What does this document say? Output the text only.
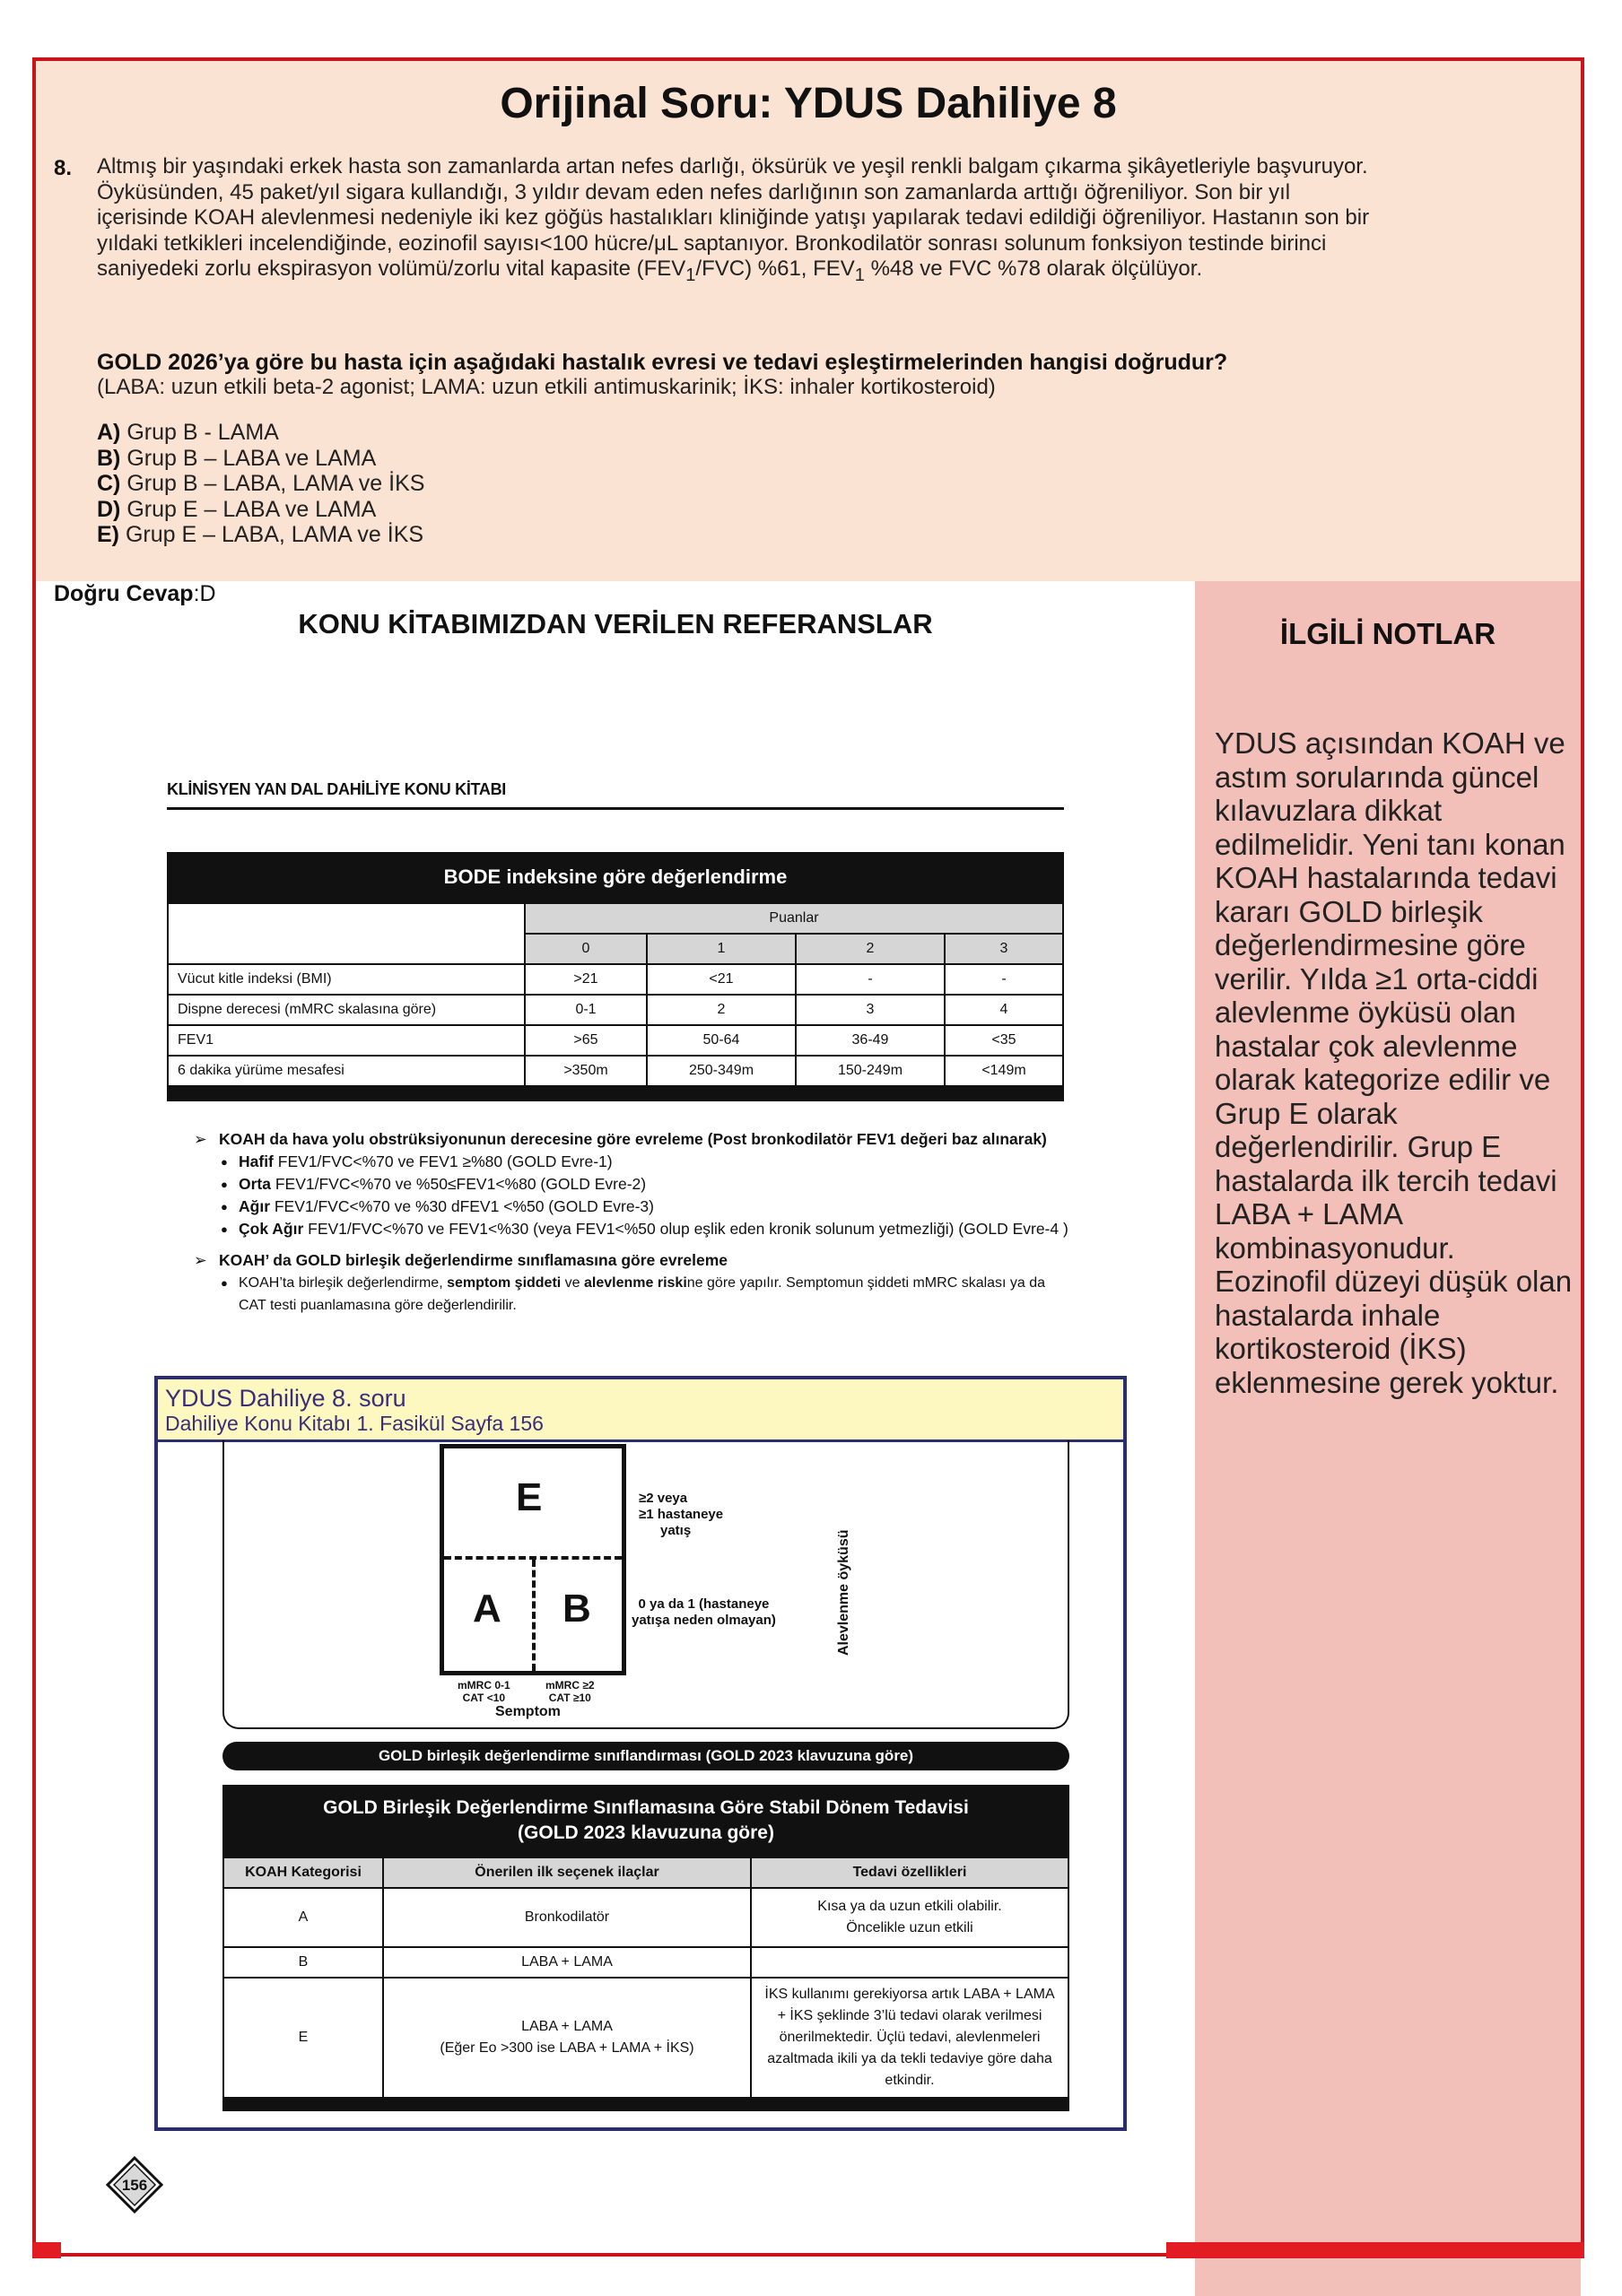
Orijinal Soru: YDUS Dahiliye 8
8. Altmış bir yaşındaki erkek hasta son zamanlarda artan nefes darlığı, öksürük ve yeşil renkli balgam çıkarma şikâyetleriyle başvuruyor.
Öyküsünden, 45 paket/yıl sigara kullandığı, 3 yıldır devam eden nefes darlığının son zamanlarda arttığı öğreniliyor. Son bir yıl
içerisinde KOAH alevlenmesi nedeniyle iki kez göğüs hastalıkları kliniğinde yatışı yapılarak tedavi edildiği öğreniliyor. Hastanın son bir
yıldaki tetkikleri incelendiğinde, eozinofil sayısı<100 hücre/μL saptanıyor. Bronkodilatör sonrası solunum fonksiyon testinde birinci
saniyedeki zorlu ekspirasyon volümü/zorlu vital kapasite $(FEV_1/FVC)$ %61, $FEV_1$ %48 ve FVC %78 olarak ölçülüyor.
GOLD 2026’ya göre bu hasta için aşağıdaki hastalık evresi ve tedavi eşleştirmelerinden hangisi doğrudur?
(LABA: uzun etkili beta-2 agonist; LAMA: uzun etkili antimuskarinik; İKS: inhaler kortikosteroid)
A) Grup B - LAMA
B) Grup B – LABA ve LAMA
C) Grup B – LABA, LAMA ve İKS
D) Grup E – LABA ve LAMA
E) Grup E – LABA, LAMA ve İKS
Doğru Cevap:D
KONU KİTABIMIZDAN VERİLEN REFERANSLAR
KLİNİSYEN YAN DAL DAHİLİYE KONU KİTABI
BODE indeksine göre değerlendirme
	Puanlar			
	0	1	2	3
Vücut kitle indeksi (BMI)	>21	<21	-	-
Dispne derecesi (mMRC skalasına göre)	0-1	2	3	4
FEV1	>65	50-64	36-49	<35
6 dakika yürüme mesafesi	>350m	250-349m	150-249m	<149m
➢ KOAH da hava yolu obstrüksiyonunun derecesine göre evreleme (Post bronkodilatör FEV1 değeri baz alınarak)
● Hafif FEV1/FVC<%70 ve FEV1 ≥%80 (GOLD Evre-1)
● Orta FEV1/FVC<%70 ve %50≤FEV1<%80 (GOLD Evre-2)
● Ağır FEV1/FVC<%70 ve %30 dFEV1 <%50 (GOLD Evre-3)
● Çok Ağır FEV1/FVC<%70 ve FEV1<%30 (veya FEV1<%50 olup eşlik eden kronik solunum yetmezliği) (GOLD Evre-4 )
➢ KOAH’ da GOLD birleşik değerlendirme sınıflamasına göre evreleme
● KOAH’ta birleşik değerlendirme, semptom şiddeti ve alevlenme riskine göre yapılır. Semptomun şiddeti mMRC skalası ya da CAT testi puanlamasına göre değerlendirilir.
YDUS Dahiliye 8. soru
Dahiliye Konu Kitabı 1. Fasikül Sayfa 156
E
A B
≥2 veya
≥1 hastaneye
yatış
0 ya da 1 (hastaneye
yatışa neden olmayan)	Alevlenme öyküsü
mMRC 0-1
CAT <10
mMRC ≥2
CAT ≥10
Semptom
GOLD birleşik değerlendirme sınıflandırması (GOLD 2023 klavuzuna göre)
GOLD Birleşik Değerlendirme Sınıflamasına Göre Stabil Dönem Tedavisi
(GOLD 2023 klavuzuna göre)
KOAH Kategorisi	Önerilen ilk seçenek ilaçlar	Tedavi özellikleri
A	Bronkodilatör	Kısa ya da uzun etkili olabilir. Öncelikle uzun etkili
B	LABA + LAMA	
E	LABA + LAMA
(Eğer Eo >300 ise LABA + LAMA + İKS)	İKS kullanımı gerekiyorsa artık LABA + LAMA + İKS şeklinde 3’lü tedavi olarak verilmesi önerilmektedir. Üçlü tedavi, alevlenmeleri azaltmada ikili ya da tekli tedaviye göre daha etkindir.
156
İLGİLİ NOTLAR
YDUS açısından KOAH ve astım sorularında güncel kılavuzlara dikkat edilmelidir. Yeni tanı konan KOAH hastalarında tedavi kararı GOLD birleşik değerlendirmesine göre verilir. Yılda ≥1 orta-ciddi alevlenme öyküsü olan hastalar çok alevlenme olarak kategorize edilir ve Grup E olarak değerlendirilir. Grup E hastalarda ilk tercih tedavi LABA + LAMA kombinasyonudur. Eozinofil düzeyi düşük olan hastalarda inhale kortikosteroid (İKS) eklenmesine gerek yoktur.
